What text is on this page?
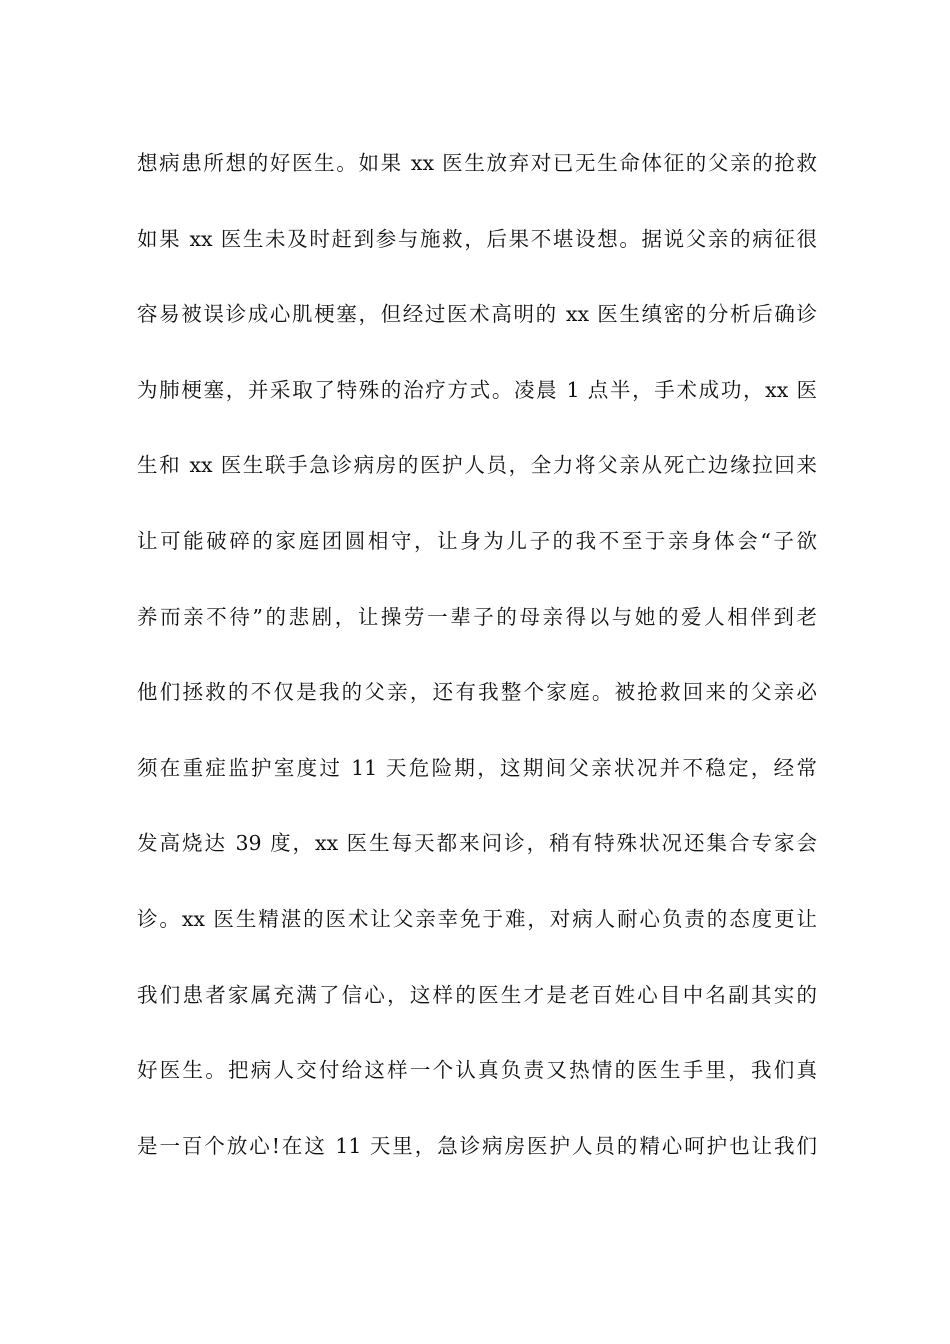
想病患所想的好医生。如果 xx 医生放弃对已无生命体征的父亲的抢救
如果 xx 医生未及时赶到参与施救，后果不堪设想。据说父亲的病征很
容易被误诊成心肌梗塞，但经过医术高明的 xx 医生缜密的分析后确诊
为肺梗塞，并采取了特殊的治疗方式。凌晨 1 点半，手术成功，xx 医
生和 xx 医生联手急诊病房的医护人员，全力将父亲从死亡边缘拉回来
让可能破碎的家庭团圆相守，让身为儿子的我不至于亲身体会“子欲
养而亲不待”的悲剧，让操劳一辈子的母亲得以与她的爱人相伴到老
他们拯救的不仅是我的父亲，还有我整个家庭。被抢救回来的父亲必
须在重症监护室度过 11 天危险期，这期间父亲状况并不稳定，经常
发高烧达 39 度，xx 医生每天都来问诊，稍有特殊状况还集合专家会
诊。xx 医生精湛的医术让父亲幸免于难，对病人耐心负责的态度更让
我们患者家属充满了信心，这样的医生才是老百姓心目中名副其实的
好医生。把病人交付给这样一个认真负责又热情的医生手里，我们真
是一百个放心!在这 11 天里，急诊病房医护人员的精心呵护也让我们
